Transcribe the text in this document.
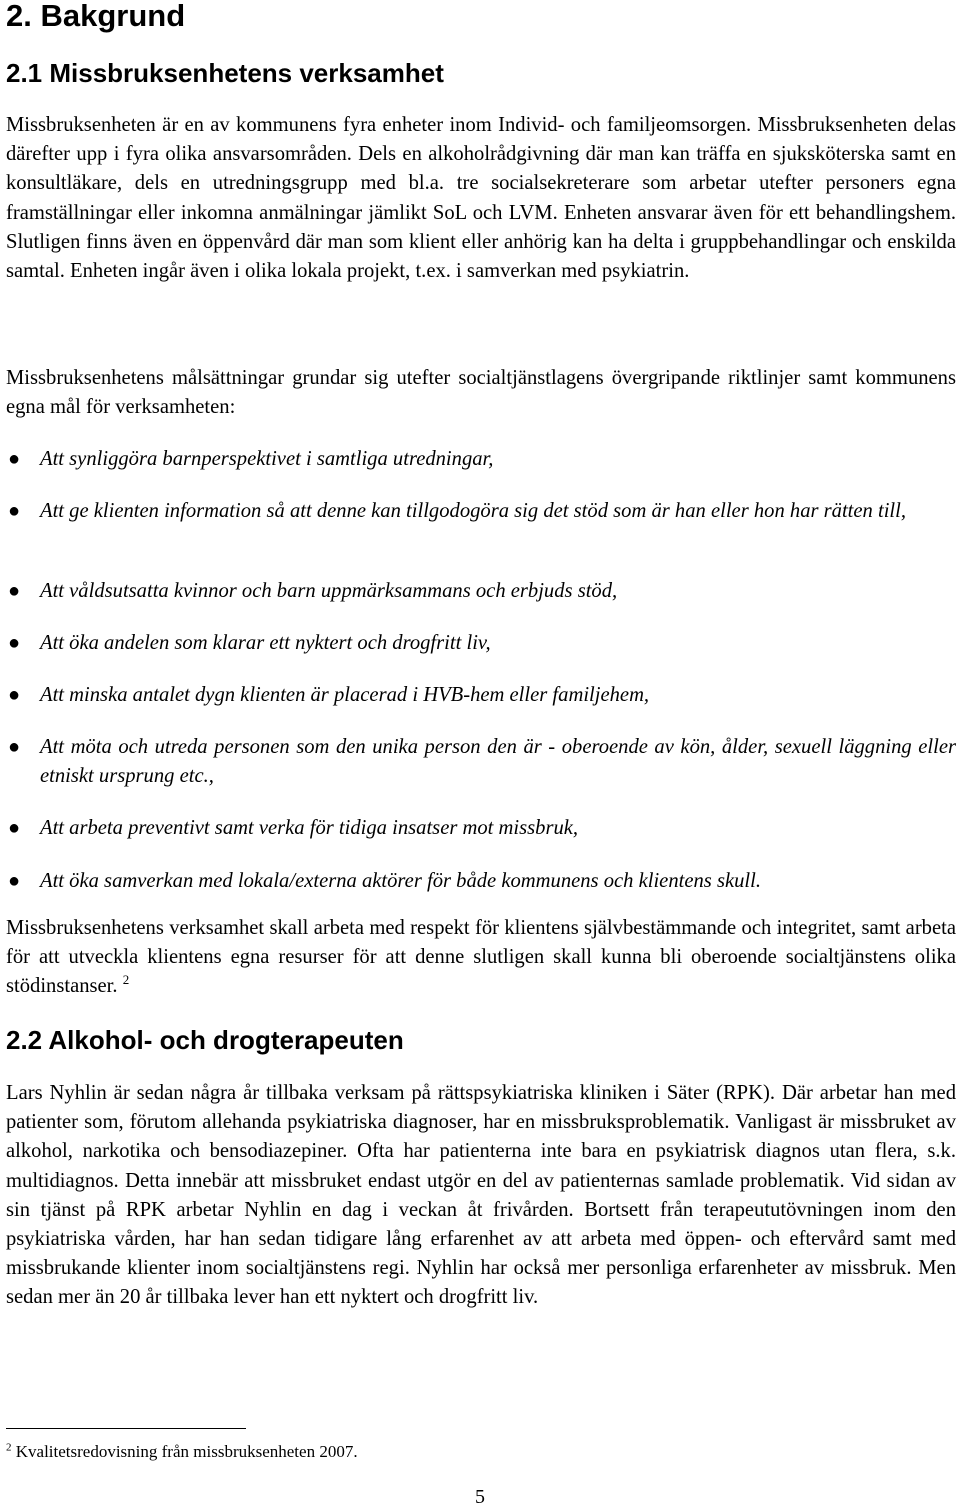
2. Bakgrund
2.1 Missbruksenhetens verksamhet

Missbruksenheten är en av kommunens fyra enheter inom Individ- och familjeomsorgen. Missbruksenheten delas därefter upp i fyra olika ansvarsområden. Dels en alkoholrådgivning där man kan träffa en sjuksköterska samt en konsultläkare, dels en utredningsgrupp med bl.a. tre socialsekreterare som arbetar utefter personers egna framställningar eller inkomna anmälningar jämlikt SoL och LVM. Enheten ansvarar även för ett behandlingshem. Slutligen finns även en öppenvård där man som klient eller anhörig kan ha delta i gruppbehandlingar och enskilda samtal. Enheten ingår även i olika lokala projekt, t.ex. i samverkan med psykiatrin.

Missbruksenhetens målsättningar grundar sig utefter socialtjänstlagens övergripande riktlinjer samt kommunens egna mål för verksamheten:

● Att synliggöra barnperspektivet i samtliga utredningar,
● Att ge klienten information så att denne kan tillgodogöra sig det stöd som är han eller hon har rätten till,
● Att våldsutsatta kvinnor och barn uppmärksammans och erbjuds stöd,
● Att öka andelen som klarar ett nyktert och drogfritt liv,
● Att minska antalet dygn klienten är placerad i HVB-hem eller familjehem,
● Att möta och utreda personen som den unika person den är - oberoende av kön, ålder, sexuell läggning eller etniskt ursprung etc.,
● Att arbeta preventivt samt verka för tidiga insatser mot missbruk,
● Att öka samverkan med lokala/externa aktörer för både kommunens och klientens skull.

Missbruksenhetens verksamhet skall arbeta med respekt för klientens självbestämmande och integritet, samt arbeta för att utveckla klientens egna resurser för att denne slutligen skall kunna bli oberoende socialtjänstens olika stödinstanser. $^2$

2.2 Alkohol- och drogterapeuten

Lars Nyhlin är sedan några år tillbaka verksam på rättspsykiatriska kliniken i Säter (RPK). Där arbetar han med patienter som, förutom allehanda psykiatriska diagnoser, har en missbruksproblematik. Vanligast är missbruket av alkohol, narkotika och bensodiazepiner. Ofta har patienterna inte bara en psykiatrisk diagnos utan flera, s.k. multidiagnos. Detta innebär att missbruket endast utgör en del av patienternas samlade problematik. Vid sidan av sin tjänst på RPK arbetar Nyhlin en dag i veckan åt frivården. Bortsett från terapeututövningen inom den psykiatriska vården, har han sedan tidigare lång erfarenhet av att arbeta med öppen- och eftervård samt med missbrukande klienter inom socialtjänstens regi. Nyhlin har också mer personliga erfarenheter av missbruk. Men sedan mer än 20 år tillbaka lever han ett nyktert och drogfritt liv.

$^2$ Kvalitetsredovisning från missbruksenheten 2007.
5
